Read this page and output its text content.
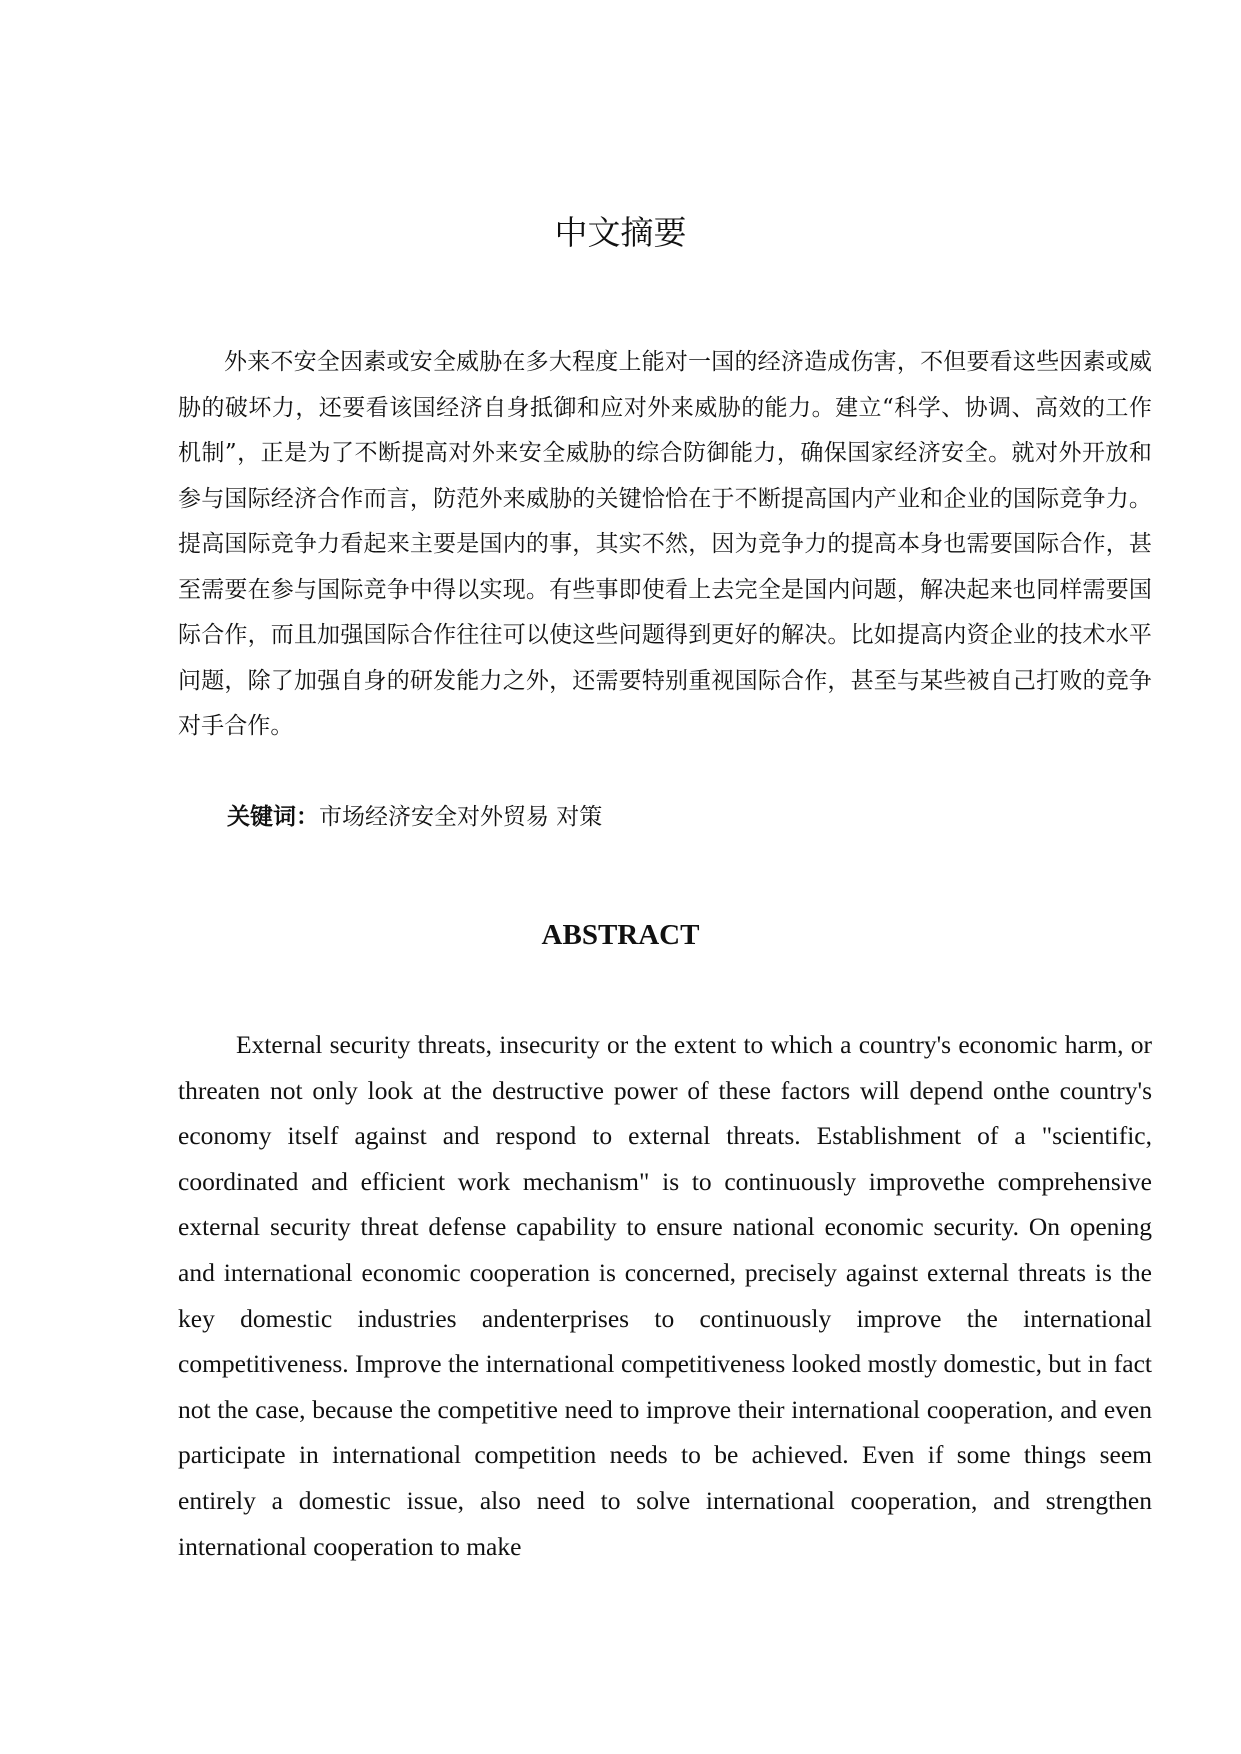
中文摘要

外来不安全因素或安全威胁在多大程度上能对一国的经济造成伤害，不但要看这些因素或威胁的破坏力，还要看该国经济自身抵御和应对外来威胁的能力。建立“科学、协调、高效的工作机制”，正是为了不断提高对外来安全威胁的综合防御能力，确保国家经济安全。就对外开放和参与国际经济合作而言，防范外来威胁的关键恰恰在于不断提高国内产业和企业的国际竞争力。提高国际竞争力看起来主要是国内的事，其实不然，因为竞争力的提高本身也需要国际合作，甚至需要在参与国际竞争中得以实现。有些事即使看上去完全是国内问题，解决起来也同样需要国际合作，而且加强国际合作往往可以使这些问题得到更好的解决。比如提高内资企业的技术水平问题，除了加强自身的研发能力之外，还需要特别重视国际合作，甚至与某些被自己打败的竞争对手合作。

关键词：市场经济安全对外贸易 对策

ABSTRACT

External security threats, insecurity or the extent to which a country's economic harm, or threaten not only look at the destructive power of these factors will depend onthe country's economy itself against and respond to external threats. Establishment of a "scientific, coordinated and efficient work mechanism" is to continuously improvethe comprehensive external security threat defense capability to ensure national economic security. On opening and international economic cooperation is concerned, precisely against external threats is the key domestic industries andenterprises to continuously improve the international competitiveness. Improve the international competitiveness looked mostly domestic, but in fact not the case, because the competitive need to improve their international cooperation, and even participate in international competition needs to be achieved. Even if some things seem entirely a domestic issue, also need to solve international cooperation, and strengthen international cooperation to make
